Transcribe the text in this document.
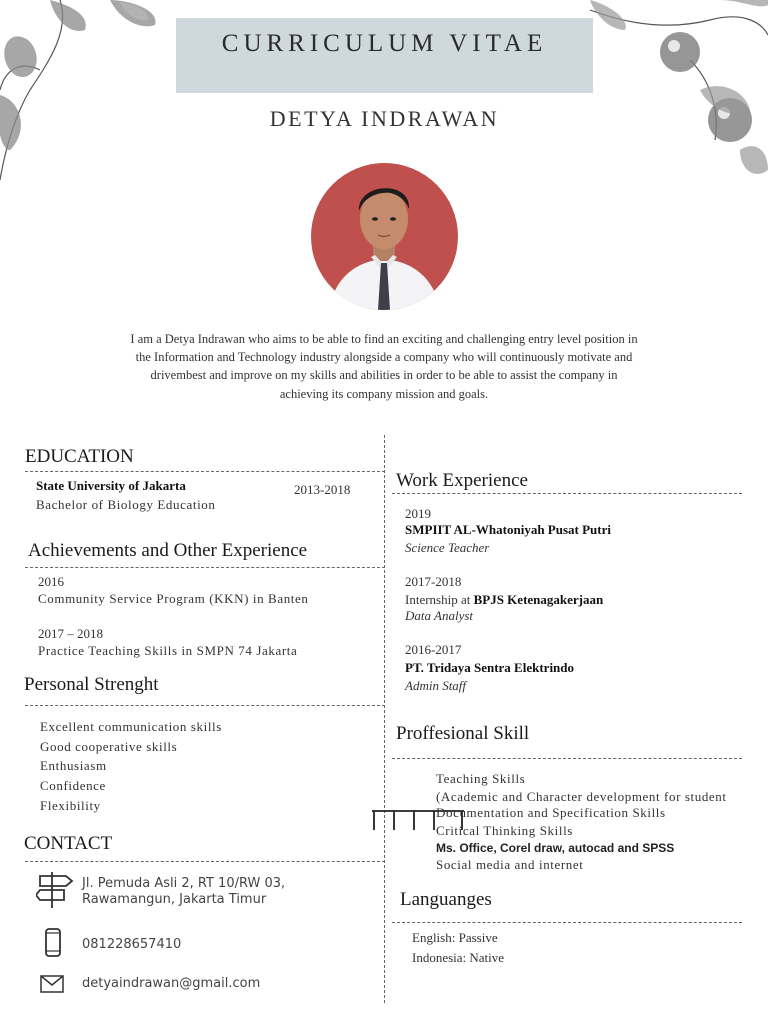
CURRICULUM VITAE
DETYA INDRAWAN
I am a Detya Indrawan who aims to be able to find an exciting and challenging entry level position in
the Information and Technology industry alongside a company who will continuously motivate and
drivembest and improve on my skills and abilities in order to be able to assist the company in
achieving its company mission and goals.
EDUCATION
State University of Jakarta	2013-2018
Bachelor of Biology Education
Achievements and Other Experience
2016
Community Service Program (KKN) in Banten
2017 – 2018
Practice Teaching Skills in SMPN 74 Jakarta
Personal Strenght
Excellent communication skills
Good cooperative skills
Enthusiasm
Confidence
Flexibility
CONTACT
Jl. Pemuda Asli 2, RT 10/RW 03,
Rawamangun, Jakarta Timur
081228657410
detyaindrawan@gmail.com
Work Experience
2019
SMPIIT AL-Whatoniyah Pusat Putri
Science Teacher
2017-2018
Internship at BPJS Ketenagakerjaan
Data Analyst
2016-2017
PT. Tridaya Sentra Elektrindo
Admin Staff
Proffesional Skill
Teaching Skills
(Academic and Character development for student
Documentation and Specification Skills
Critical Thinking Skills
Ms. Office, Corel draw, autocad and SPSS
Social media and internet
Languanges
English: Passive
Indonesia: Native
